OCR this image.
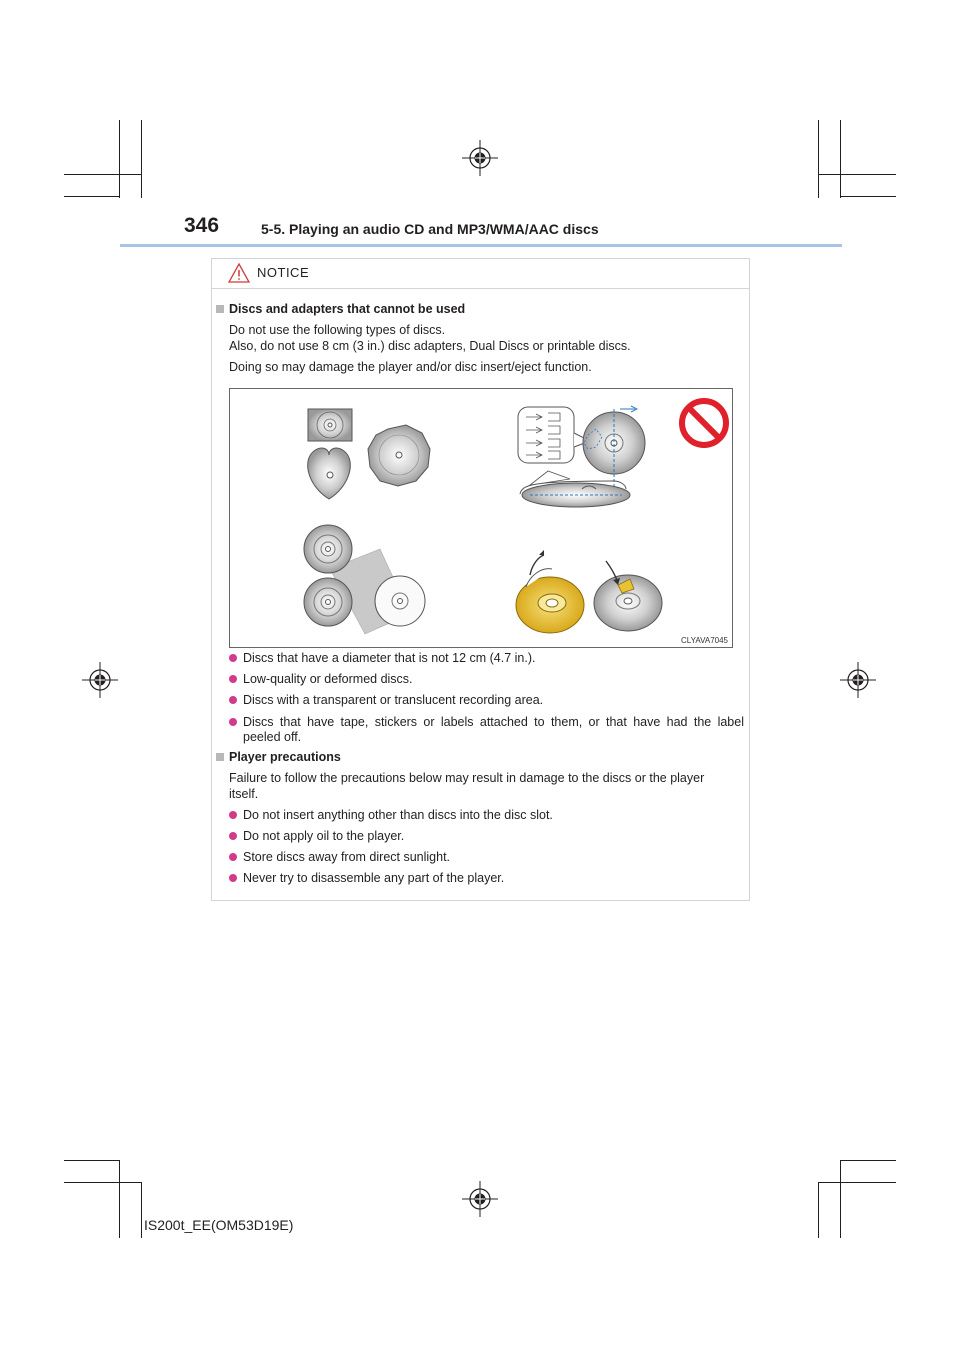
346	5-5. Playing an audio CD and MP3/WMA/AAC discs
NOTICE
Discs and adapters that cannot be used
Do not use the following types of discs.
Also, do not use 8 cm (3 in.) disc adapters, Dual Discs or printable discs.
Doing so may damage the player and/or disc insert/eject function.
CLYAVA7045
Discs that have a diameter that is not 12 cm (4.7 in.).
Low-quality or deformed discs.
Discs with a transparent or translucent recording area.
Discs that have tape, stickers or labels attached to them, or that have had the label
peeled off.
Player precautions
Failure to follow the precautions below may result in damage to the discs or the player
itself.
Do not insert anything other than discs into the disc slot.
Do not apply oil to the player.
Store discs away from direct sunlight.
Never try to disassemble any part of the player.
IS200t_EE(OM53D19E)
